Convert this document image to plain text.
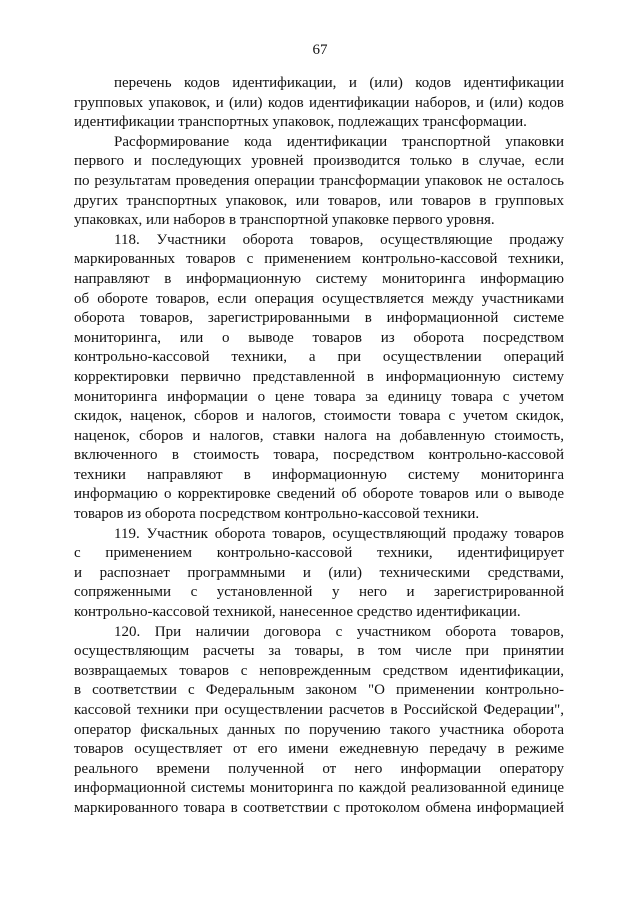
67
перечень кодов идентификации, и (или) кодов идентификации
групповых упаковок, и (или) кодов идентификации наборов, и (или) кодов
идентификации транспортных упаковок, подлежащих трансформации.
Расформирование кода идентификации транспортной упаковки
первого и последующих уровней производится только в случае, если
по результатам проведения операции трансформации упаковок не осталось
других транспортных упаковок, или товаров, или товаров в групповых
упаковках, или наборов в транспортной упаковке первого уровня.
118. Участники оборота товаров, осуществляющие продажу
маркированных товаров с применением контрольно-кассовой техники,
направляют в информационную систему мониторинга информацию
об обороте товаров, если операция осуществляется между участниками
оборота товаров, зарегистрированными в информационной системе
мониторинга, или о выводе товаров из оборота посредством
контрольно-кассовой техники, а при осуществлении операций
корректировки первично представленной в информационную систему
мониторинга информации о цене товара за единицу товара с учетом
скидок, наценок, сборов и налогов, стоимости товара с учетом скидок,
наценок, сборов и налогов, ставки налога на добавленную стоимость,
включенного в стоимость товара, посредством контрольно-кассовой
техники направляют в информационную систему мониторинга
информацию о корректировке сведений об обороте товаров или о выводе
товаров из оборота посредством контрольно-кассовой техники.
119. Участник оборота товаров, осуществляющий продажу товаров
с применением контрольно-кассовой техники, идентифицирует
и распознает программными и (или) техническими средствами,
сопряженными с установленной у него и зарегистрированной
контрольно-кассовой техникой, нанесенное средство идентификации.
120. При наличии договора с участником оборота товаров,
осуществляющим расчеты за товары, в том числе при принятии
возвращаемых товаров с неповрежденным средством идентификации,
в соответствии с Федеральным законом "О применении контрольно-
кассовой техники при осуществлении расчетов в Российской Федерации",
оператор фискальных данных по поручению такого участника оборота
товаров осуществляет от его имени ежедневную передачу в режиме
реального времени полученной от него информации оператору
информационной системы мониторинга по каждой реализованной единице
маркированного товара в соответствии с протоколом обмена информацией
